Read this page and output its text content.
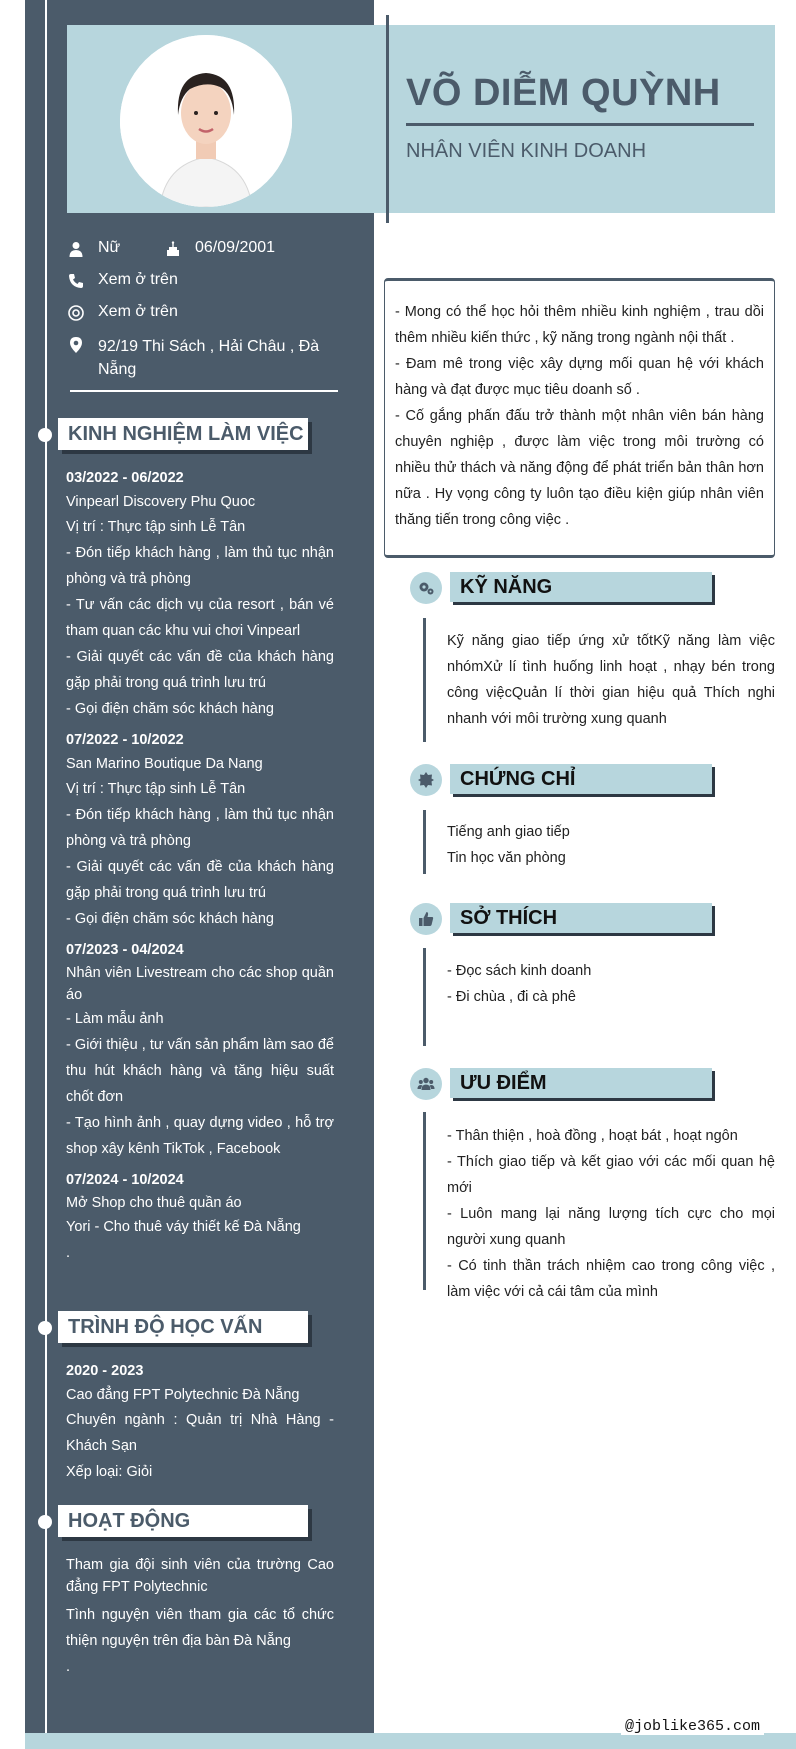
VÕ DIỄM QUỲNH
NHÂN VIÊN KINH DOANH
Nữ	06/09/2001
Xem ở trên
Xem ở trên
92/19 Thi Sách , Hải Châu , Đà Nẵng
KINH NGHIỆM LÀM VIỆC
03/2022 - 06/2022
Vinpearl Discovery Phu Quoc
Vị trí : Thực tập sinh Lễ Tân
- Đón tiếp khách hàng , làm thủ tục nhận phòng và trả phòng
- Tư vấn các dịch vụ của resort , bán vé tham quan các khu vui chơi Vinpearl
- Giải quyết các vấn đề của khách hàng gặp phải trong quá trình lưu trú
- Gọi điện chăm sóc khách hàng
07/2022 - 10/2022
San Marino Boutique Da Nang
Vị trí : Thực tập sinh Lễ Tân
- Đón tiếp khách hàng , làm thủ tục nhận phòng và trả phòng
- Giải quyết các vấn đề của khách hàng gặp phải trong quá trình lưu trú
- Gọi điện chăm sóc khách hàng
07/2023 - 04/2024
Nhân viên Livestream cho các shop quần áo
- Làm mẫu ảnh
- Giới thiệu , tư vấn sản phẩm làm sao để thu hút khách hàng và tăng hiệu suất chốt đơn
- Tạo hình ảnh , quay dựng video , hỗ trợ shop xây kênh TikTok , Facebook
07/2024 - 10/2024
Mở Shop cho thuê quần áo
Yori - Cho thuê váy thiết kế Đà Nẵng
.
TRÌNH ĐỘ HỌC VẤN
2020 - 2023
Cao đẳng FPT Polytechnic Đà Nẵng
Chuyên ngành : Quản trị Nhà Hàng - Khách Sạn
Xếp loại: Giỏi
HOẠT ĐỘNG
Tham gia đội sinh viên của trường Cao đẳng FPT Polytechnic
Tình nguyện viên tham gia các tổ chức thiện nguyện trên địa bàn Đà Nẵng
.
- Mong có thể học hỏi thêm nhiều kinh nghiệm , trau dồi thêm nhiều kiến thức , kỹ năng trong ngành nội thất .
- Đam mê trong việc xây dựng mối quan hệ với khách hàng và đạt được mục tiêu doanh số .
- Cố gắng phấn đấu trở thành một nhân viên bán hàng chuyên nghiệp , được làm việc trong môi trường có nhiều thử thách và năng động để phát triển bản thân hơn nữa . Hy vọng công ty luôn tạo điều kiện giúp nhân viên thăng tiến trong công việc .
KỸ NĂNG
Kỹ năng giao tiếp ứng xử tốtKỹ năng làm việc nhómXử lí tình huống linh hoạt , nhạy bén trong công việcQuản lí thời gian hiệu quả Thích nghi nhanh với môi trường xung quanh
CHỨNG CHỈ
Tiếng anh giao tiếp
Tin học văn phòng
SỞ THÍCH
- Đọc sách kinh doanh
- Đi chùa , đi cà phê
ƯU ĐIỂM
- Thân thiện , hoà đồng , hoạt bát , hoạt ngôn
- Thích giao tiếp và kết giao với các mối quan hệ mới
- Luôn mang lại năng lượng tích cực cho mọi người xung quanh
- Có tinh thần trách nhiệm cao trong công việc , làm việc với cả cái tâm của mình
@joblike365.com
